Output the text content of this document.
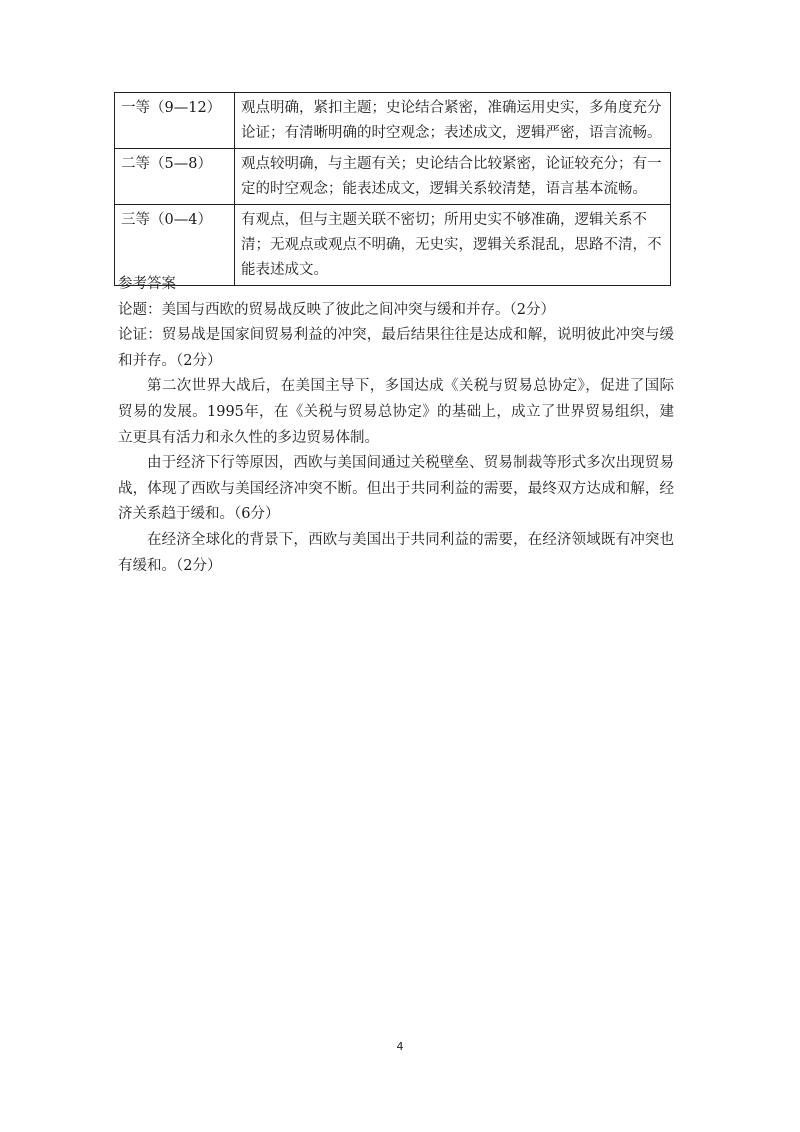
一等（9—12）	观点明确，紧扣主题；史论结合紧密，准确运用史实，多角度充分论证；有清晰明确的时空观念；表述成文，逻辑严密，语言流畅。
二等（5—8）	观点较明确，与主题有关；史论结合比较紧密，论证较充分；有一定的时空观念；能表述成文，逻辑关系较清楚，语言基本流畅。
三等（0—4）	有观点，但与主题关联不密切；所用史实不够准确，逻辑关系不清；无观点或观点不明确，无史实，逻辑关系混乱，思路不清，不能表述成文。

参考答案

论题：美国与西欧的贸易战反映了彼此之间冲突与缓和并存。（2分）

论证：贸易战是国家间贸易利益的冲突，最后结果往往是达成和解，说明彼此冲突与缓和并存。（2分）

第二次世界大战后，在美国主导下，多国达成《关税与贸易总协定》，促进了国际贸易的发展。1995年，在《关税与贸易总协定》的基础上，成立了世界贸易组织，建立更具有活力和永久性的多边贸易体制。

由于经济下行等原因，西欧与美国间通过关税壁垒、贸易制裁等形式多次出现贸易战，体现了西欧与美国经济冲突不断。但出于共同利益的需要，最终双方达成和解，经济关系趋于缓和。（6分）

在经济全球化的背景下，西欧与美国出于共同利益的需要，在经济领域既有冲突也有缓和。（2分）

4
